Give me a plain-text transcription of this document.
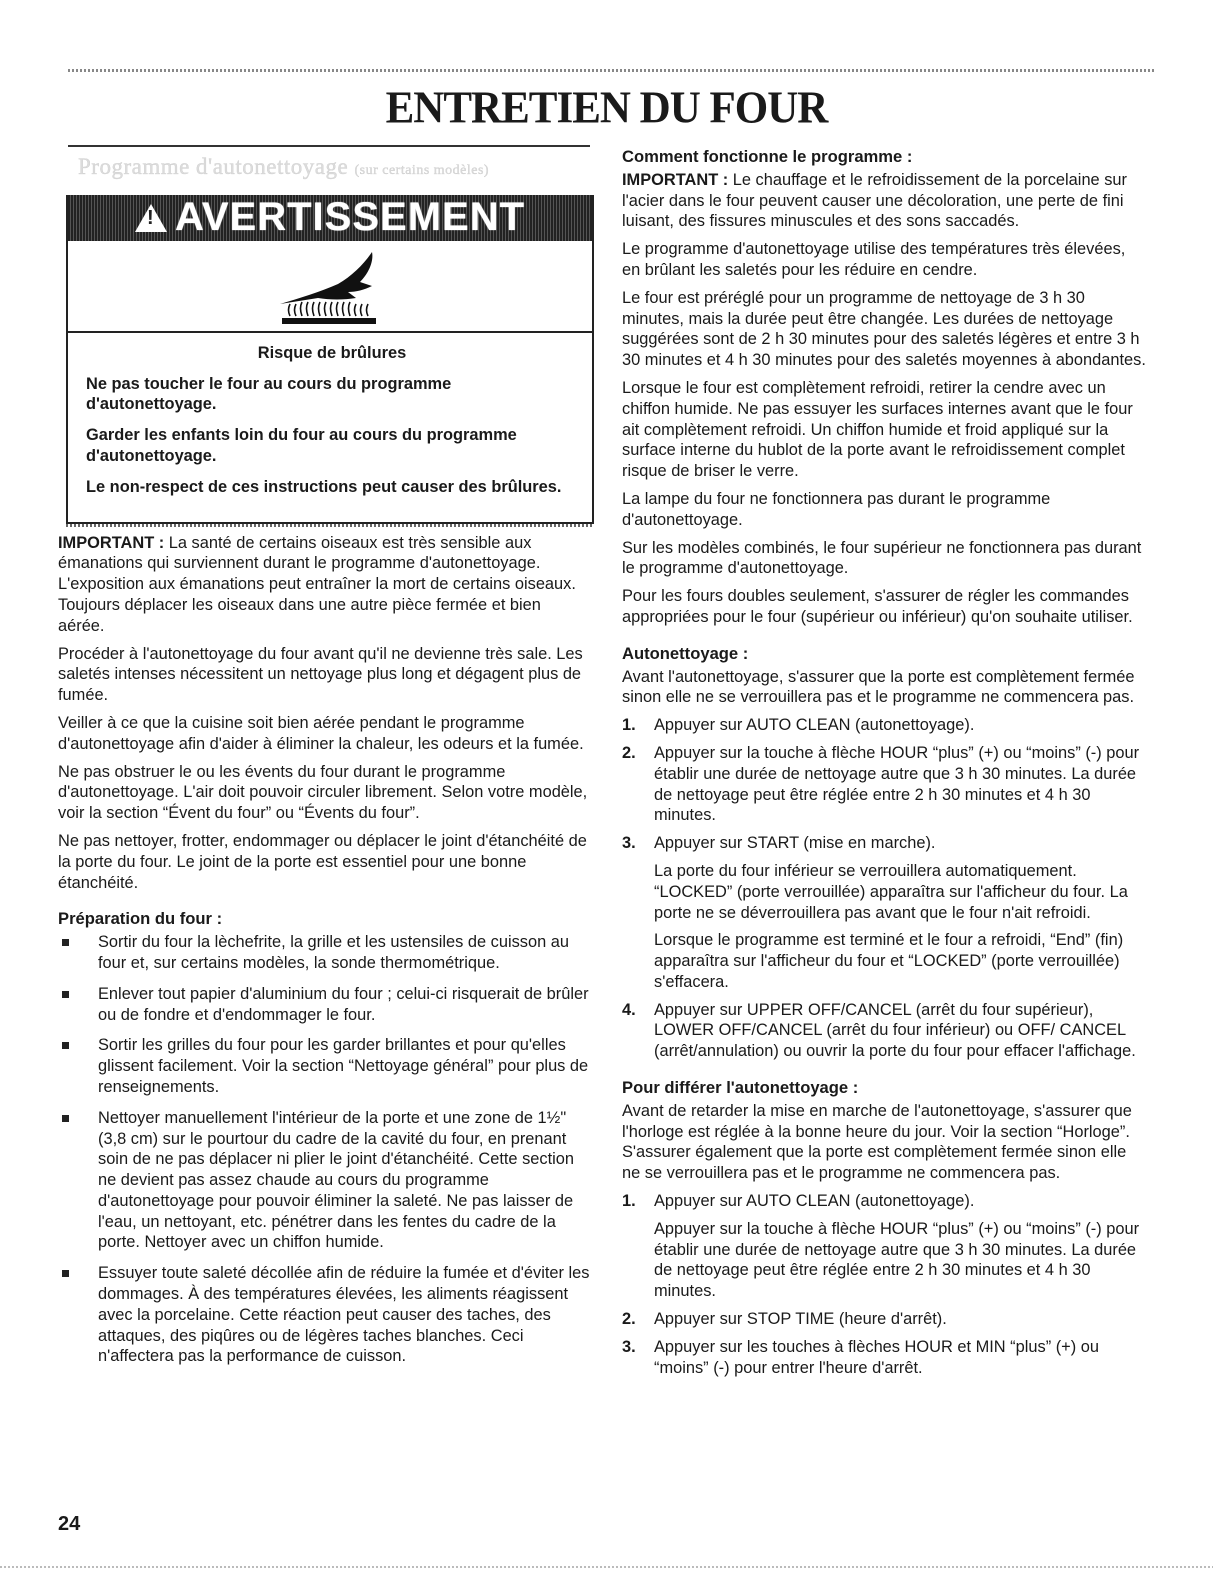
ENTRETIEN DU FOUR
Programme d'autonettoyage (sur certains modèles)
!
AVERTISSEMENT
Risque de brûlures

Ne pas toucher le four au cours du programme d'autonettoyage.

Garder les enfants loin du four au cours du programme d'autonettoyage.

Le non-respect de ces instructions peut causer des brûlures.

IMPORTANT : La santé de certains oiseaux est très sensible aux émanations qui surviennent durant le programme d'autonettoyage. L'exposition aux émanations peut entraîner la mort de certains oiseaux. Toujours déplacer les oiseaux dans une autre pièce fermée et bien aérée.

Procéder à l'autonettoyage du four avant qu'il ne devienne très sale. Les saletés intenses nécessitent un nettoyage plus long et dégagent plus de fumée.

Veiller à ce que la cuisine soit bien aérée pendant le programme d'autonettoyage afin d'aider à éliminer la chaleur, les odeurs et la fumée.

Ne pas obstruer le ou les évents du four durant le programme d'autonettoyage. L'air doit pouvoir circuler librement. Selon votre modèle, voir la section “Évent du four” ou “Évents du four”.

Ne pas nettoyer, frotter, endommager ou déplacer le joint d'étanchéité de la porte du four. Le joint de la porte est essentiel pour une bonne étanchéité.

Préparation du four :
Sortir du four la lèchefrite, la grille et les ustensiles de cuisson au four et, sur certains modèles, la sonde thermométrique.
Enlever tout papier d'aluminium du four ; celui-ci risquerait de brûler ou de fondre et d'endommager le four.
Sortir les grilles du four pour les garder brillantes et pour qu'elles glissent facilement. Voir la section “Nettoyage général” pour plus de renseignements.
Nettoyer manuellement l'intérieur de la porte et une zone de 1½" (3,8 cm) sur le pourtour du cadre de la cavité du four, en prenant soin de ne pas déplacer ni plier le joint d'étanchéité. Cette section ne devient pas assez chaude au cours du programme d'autonettoyage pour pouvoir éliminer la saleté. Ne pas laisser de l'eau, un nettoyant, etc. pénétrer dans les fentes du cadre de la porte. Nettoyer avec un chiffon humide.
Essuyer toute saleté décollée afin de réduire la fumée et d'éviter les dommages. À des températures élevées, les aliments réagissent avec la porcelaine. Cette réaction peut causer des taches, des attaques, des piqûres ou de légères taches blanches. Ceci n'affectera pas la performance de cuisson.
Comment fonctionne le programme :

IMPORTANT : Le chauffage et le refroidissement de la porcelaine sur l'acier dans le four peuvent causer une décoloration, une perte de fini luisant, des fissures minuscules et des sons saccadés.

Le programme d'autonettoyage utilise des températures très élevées, en brûlant les saletés pour les réduire en cendre.

Le four est préréglé pour un programme de nettoyage de 3 h 30 minutes, mais la durée peut être changée. Les durées de nettoyage suggérées sont de 2 h 30 minutes pour des saletés légères et entre 3 h 30 minutes et 4 h 30 minutes pour des saletés moyennes à abondantes.

Lorsque le four est complètement refroidi, retirer la cendre avec un chiffon humide. Ne pas essuyer les surfaces internes avant que le four ait complètement refroidi. Un chiffon humide et froid appliqué sur la surface interne du hublot de la porte avant le refroidissement complet risque de briser le verre.

La lampe du four ne fonctionnera pas durant le programme d'autonettoyage.

Sur les modèles combinés, le four supérieur ne fonctionnera pas durant le programme d'autonettoyage.

Pour les fours doubles seulement, s'assurer de régler les commandes appropriées pour le four (supérieur ou inférieur) qu'on souhaite utiliser.

Autonettoyage :

Avant l'autonettoyage, s'assurer que la porte est complètement fermée sinon elle ne se verrouillera pas et le programme ne commencera pas.

1. Appuyer sur AUTO CLEAN (autonettoyage).

2. Appuyer sur la touche à flèche HOUR “plus” (+) ou “moins” (-) pour établir une durée de nettoyage autre que 3 h 30 minutes. La durée de nettoyage peut être réglée entre 2 h 30 minutes et 4 h 30 minutes.

3. Appuyer sur START (mise en marche).

La porte du four inférieur se verrouillera automatiquement. “LOCKED” (porte verrouillée) apparaîtra sur l'afficheur du four. La porte ne se déverrouillera pas avant que le four n'ait refroidi.

Lorsque le programme est terminé et le four a refroidi, “End” (fin) apparaîtra sur l'afficheur du four et “LOCKED” (porte verrouillée) s'effacera.

4. Appuyer sur UPPER OFF/CANCEL (arrêt du four supérieur), LOWER OFF/CANCEL (arrêt du four inférieur) ou OFF/ CANCEL (arrêt/annulation) ou ouvrir la porte du four pour effacer l'affichage.

Pour différer l'autonettoyage :

Avant de retarder la mise en marche de l'autonettoyage, s'assurer que l'horloge est réglée à la bonne heure du jour. Voir la section “Horloge”. S'assurer également que la porte est complètement fermée sinon elle ne se verrouillera pas et le programme ne commencera pas.

1. Appuyer sur AUTO CLEAN (autonettoyage).

Appuyer sur la touche à flèche HOUR “plus” (+) ou “moins” (-) pour établir une durée de nettoyage autre que 3 h 30 minutes. La durée de nettoyage peut être réglée entre 2 h 30 minutes et 4 h 30 minutes.

2. Appuyer sur STOP TIME (heure d'arrêt).

3. Appuyer sur les touches à flèches HOUR et MIN “plus” (+) ou “moins” (-) pour entrer l'heure d'arrêt.

24
